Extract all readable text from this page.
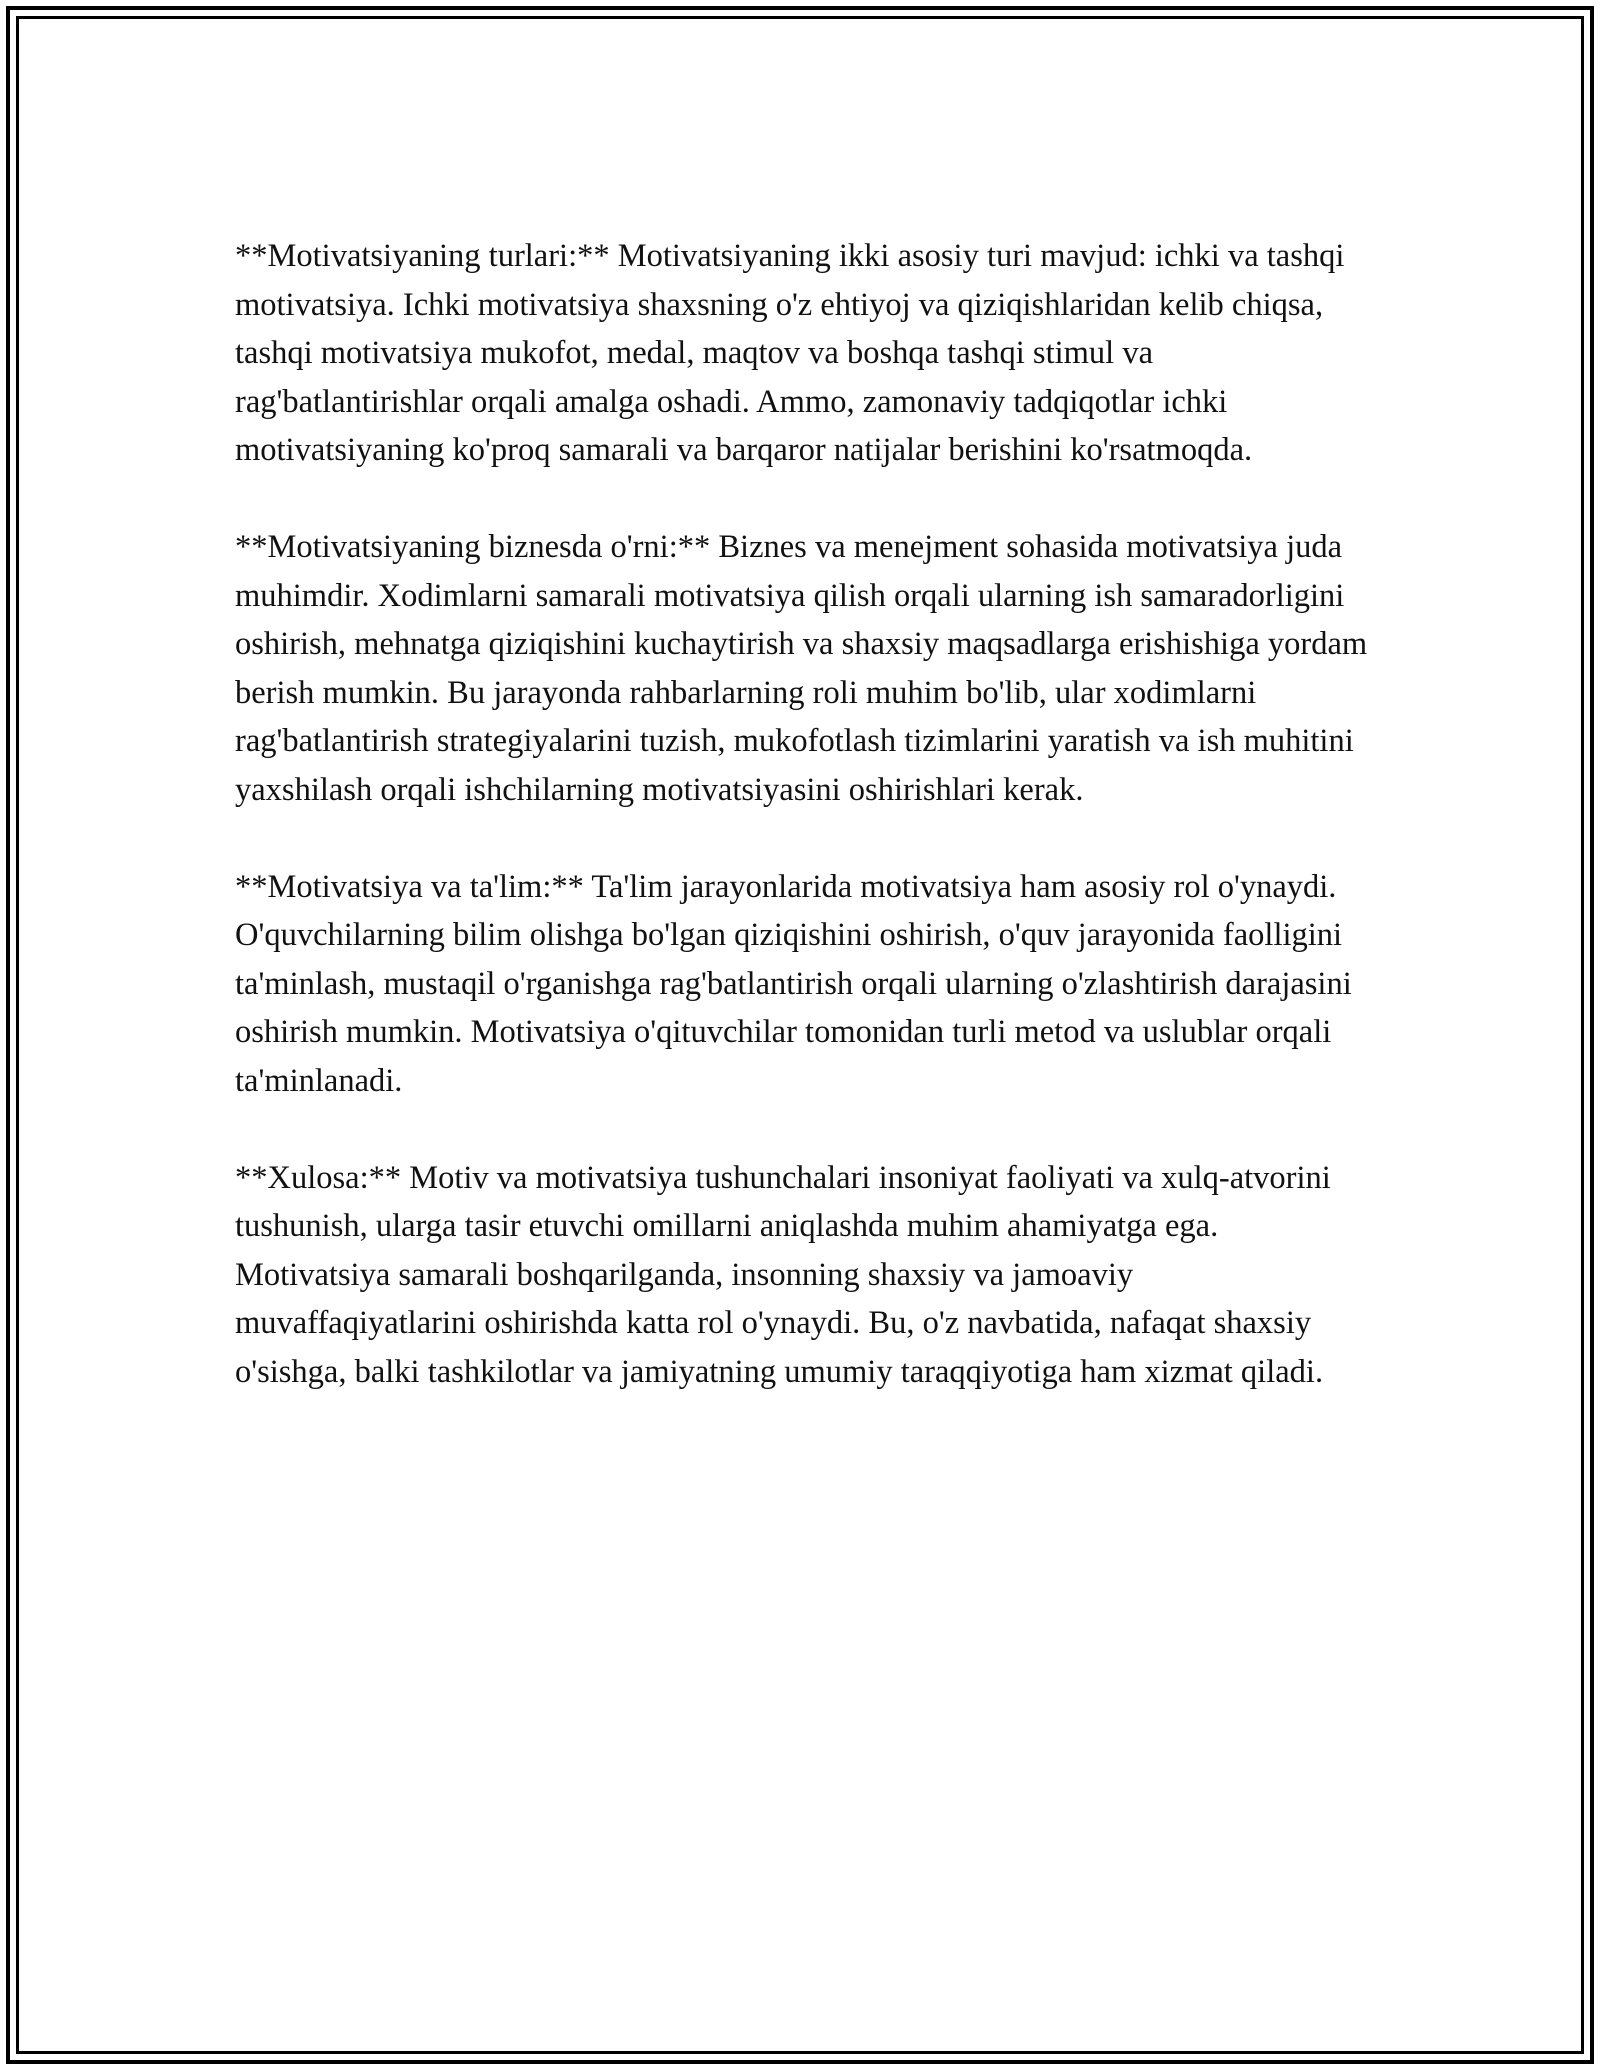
**Motivatsiyaning turlari:** Motivatsiyaning ikki asosiy turi mavjud: ichki va tashqi motivatsiya. Ichki motivatsiya shaxsning o'z ehtiyoj va qiziqishlaridan kelib chiqsa, tashqi motivatsiya mukofot, medal, maqtov va boshqa tashqi stimul va rag'batlantirishlar orqali amalga oshadi. Ammo, zamonaviy tadqiqotlar ichki motivatsiyaning ko'proq samarali va barqaror natijalar berishini ko'rsatmoqda.

**Motivatsiyaning biznesda o'rni:** Biznes va menejment sohasida motivatsiya juda muhimdir. Xodimlarni samarali motivatsiya qilish orqali ularning ish samaradorligini oshirish, mehnatga qiziqishini kuchaytirish va shaxsiy maqsadlarga erishishiga yordam berish mumkin. Bu jarayonda rahbarlarning roli muhim bo'lib, ular xodimlarni rag'batlantirish strategiyalarini tuzish, mukofotlash tizimlarini yaratish va ish muhitini yaxshilash orqali ishchilarning motivatsiyasini oshirishlari kerak.

**Motivatsiya va ta'lim:** Ta'lim jarayonlarida motivatsiya ham asosiy rol o'ynaydi. O'quvchilarning bilim olishga bo'lgan qiziqishini oshirish, o'quv jarayonida faolligini ta'minlash, mustaqil o'rganishga rag'batlantirish orqali ularning o'zlashtirish darajasini oshirish mumkin. Motivatsiya o'qituvchilar tomonidan turli metod va uslublar orqali ta'minlanadi.

**Xulosa:** Motiv va motivatsiya tushunchalari insoniyat faoliyati va xulq-atvorini tushunish, ularga tasir etuvchi omillarni aniqlashda muhim ahamiyatga ega. Motivatsiya samarali boshqarilganda, insonning shaxsiy va jamoaviy muvaffaqiyatlarini oshirishda katta rol o'ynaydi. Bu, o'z navbatida, nafaqat shaxsiy o'sishga, balki tashkilotlar va jamiyatning umumiy taraqqiyotiga ham xizmat qiladi.
